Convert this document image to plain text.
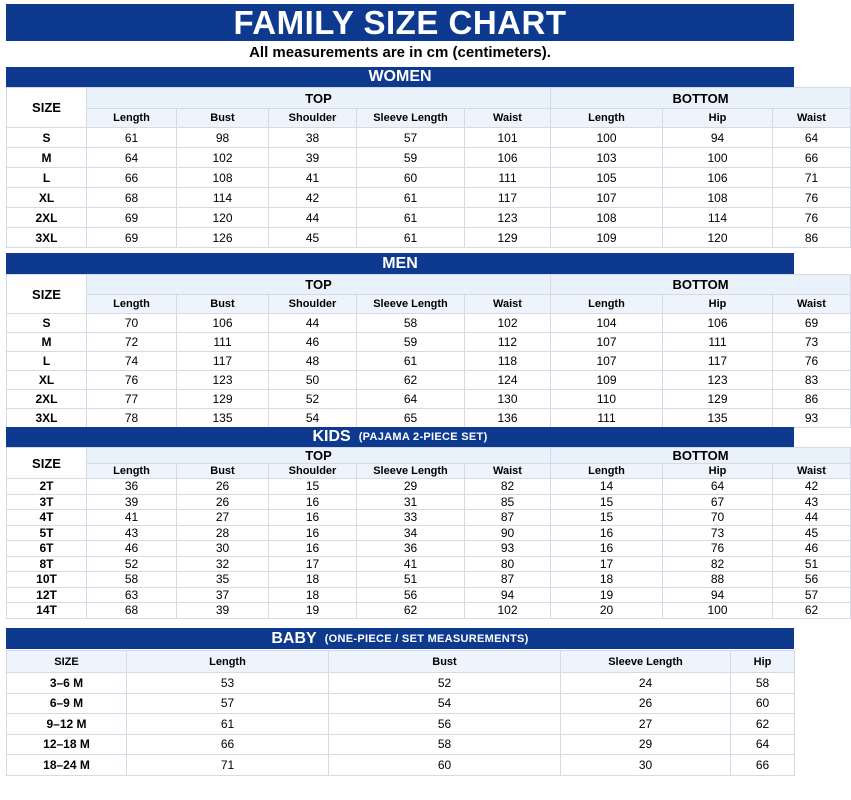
FAMILY SIZE CHART
All measurements are in cm (centimeters).
WOMEN
SIZE	TOP					BOTTOM		
	Length	Bust	Shoulder	Sleeve Length	Waist	Length	Hip	Waist
S	61	98	38	57	101	100	94	64
M	64	102	39	59	106	103	100	66
L	66	108	41	60	111	105	106	71
XL	68	114	42	61	117	107	108	76
2XL	69	120	44	61	123	108	114	76
3XL	69	126	45	61	129	109	120	86
MEN
SIZE	TOP					BOTTOM		
	Length	Bust	Shoulder	Sleeve Length	Waist	Length	Hip	Waist
S	70	106	44	58	102	104	106	69
M	72	111	46	59	112	107	111	73
L	74	117	48	61	118	107	117	76
XL	76	123	50	62	124	109	123	83
2XL	77	129	52	64	130	110	129	86
3XL	78	135	54	65	136	111	135	93
KIDS (PAJAMA 2-PIECE SET)
SIZE	TOP					BOTTOM		
	Length	Bust	Shoulder	Sleeve Length	Waist	Length	Hip	Waist
2T	36	26	15	29	82	14	64	42
3T	39	26	16	31	85	15	67	43
4T	41	27	16	33	87	15	70	44
5T	43	28	16	34	90	16	73	45
6T	46	30	16	36	93	16	76	46
8T	52	32	17	41	80	17	82	51
10T	58	35	18	51	87	18	88	56
12T	63	37	18	56	94	19	94	57
14T	68	39	19	62	102	20	100	62
BABY (ONE-PIECE / SET MEASUREMENTS)
SIZE	Length	Bust	Sleeve Length	Hip
3–6 M	53	52	24	58
6–9 M	57	54	26	60
9–12 M	61	56	27	62
12–18 M	66	58	29	64
18–24 M	71	60	30	66
